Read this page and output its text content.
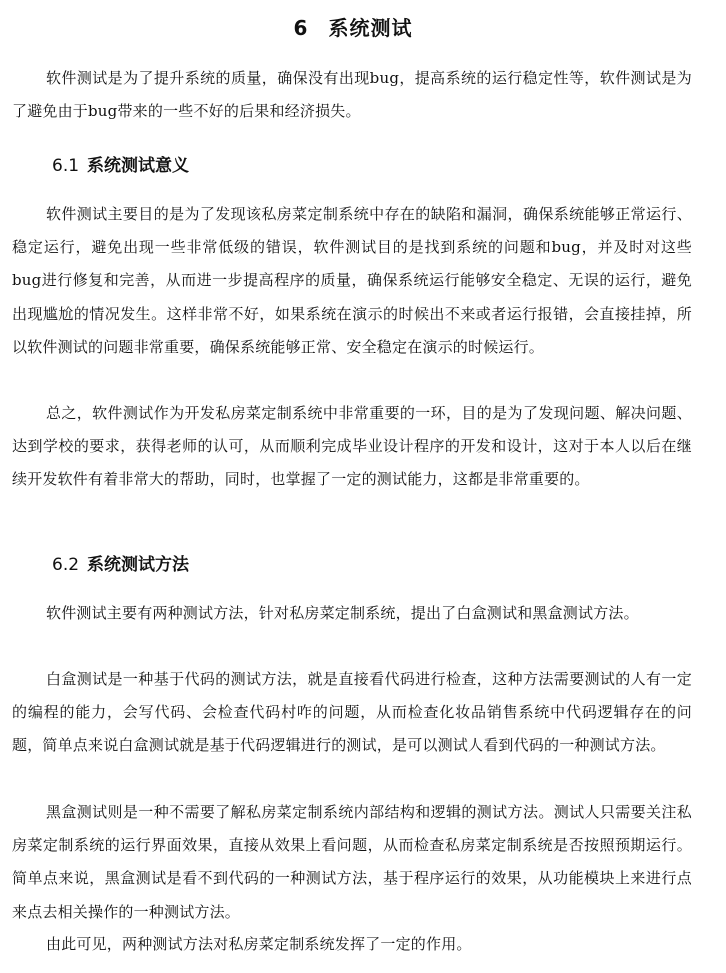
6 系统测试

软件测试是为了提升系统的质量，确保没有出现bug，提高系统的运行稳定性等，软件测试是为了避免由于bug带来的一些不好的后果和经济损失。

6.1 系统测试意义

软件测试主要目的是为了发现该私房菜定制系统中存在的缺陷和漏洞，确保系统能够正常运行、稳定运行，避免出现一些非常低级的错误，软件测试目的是找到系统的问题和bug，并及时对这些bug进行修复和完善，从而进一步提高程序的质量，确保系统运行能够安全稳定、无误的运行，避免出现尴尬的情况发生。这样非常不好，如果系统在演示的时候出不来或者运行报错，会直接挂掉，所以软件测试的问题非常重要，确保系统能够正常、安全稳定在演示的时候运行。

总之，软件测试作为开发私房菜定制系统中非常重要的一环，目的是为了发现问题、解决问题、达到学校的要求，获得老师的认可，从而顺利完成毕业设计程序的开发和设计，这对于本人以后在继续开发软件有着非常大的帮助，同时，也掌握了一定的测试能力，这都是非常重要的。

6.2 系统测试方法

软件测试主要有两种测试方法，针对私房菜定制系统，提出了白盒测试和黑盒测试方法。

白盒测试是一种基于代码的测试方法，就是直接看代码进行检查，这种方法需要测试的人有一定的编程的能力，会写代码、会检查代码村咋的问题，从而检查化妆品销售系统中代码逻辑存在的问题，简单点来说白盒测试就是基于代码逻辑进行的测试，是可以测试人看到代码的一种测试方法。

黑盒测试则是一种不需要了解私房菜定制系统内部结构和逻辑的测试方法。测试人只需要关注私房菜定制系统的运行界面效果，直接从效果上看问题，从而检查私房菜定制系统是否按照预期运行。简单点来说，黑盒测试是看不到代码的一种测试方法，基于程序运行的效果，从功能模块上来进行点来点去相关操作的一种测试方法。

由此可见，两种测试方法对私房菜定制系统发挥了一定的作用。
